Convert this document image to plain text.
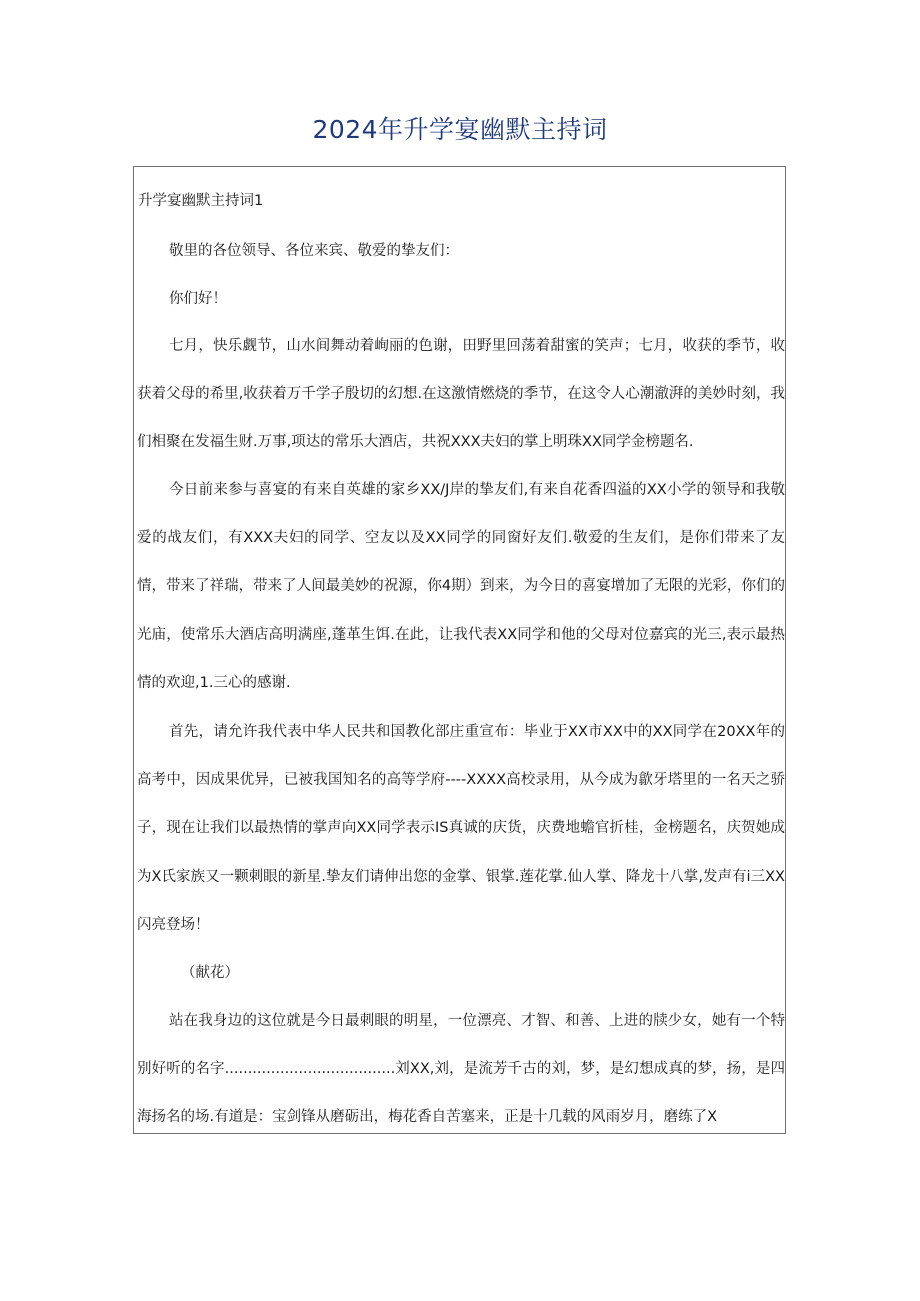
2024年升学宴幽默主持词
升学宴幽默主持词1

敬里的各位领导、各位来宾、敬爱的挚友们：

你们好！

七月，快乐觑节，山水间舞动着峋丽的色谢，田野里回荡着甜蜜的笑声；七月，收获的季节，收获着父母的希里,收获着万千学子殷切的幻想.在这激情燃烧的季节，在这令人心潮澈湃的美妙时刻，我们相聚在发福生财.万事,项达的常乐大酒店，共祝XXX夫妇的掌上明珠XX同学金榜题名.

今日前来参与喜宴的有来自英雄的家乡XX/J岸的挚友们,有来自花香四溢的XX小学的领导和我敬爱的战友们，有XXX夫妇的同学、空友以及XX同学的同窗好友们.敬爱的生友们，是你们带来了友情，带来了祥瑞，带来了人间最美妙的祝源，你4期）到来，为今日的喜宴增加了无限的光彩，你们的光庙，使常乐大酒店高明满座,蓬革生饵.在此，让我代表XX同学和他的父母对位嘉宾的光三,表示最热情的欢迎,1.三心的感谢.

首先，请允许我代表中华人民共和国教化部庄重宣布：毕业于XX市XX中的XX同学在20XX年的高考中，因成果优异，已被我国知名的高等学府----XXXX高校录用，从今成为歙牙塔里的一名天之骄子，现在让我们以最热情的掌声向XX同学表示IS真诚的庆货，庆费地蟾官折桂，金榜题名，庆贺她成为X氏家族又一颗刺眼的新星.挚友们请伸出您的金掌、银掌.莲花掌.仙人掌、降龙十八掌,发声有i三XX闪亮登场！

（献花）

站在我身边的这位就是今日最刺眼的明星，一位漂亮、才智、和善、上进的牍少女，她有一个特别好听的名字.....................................刘XX,刘，是流芳千古的刘，梦，是幻想成真的梦，扬，是四海扬名的场.有道是：宝剑锋从磨砺出，梅花香自苦塞来，正是十几载的风雨岁月，磨练了X
